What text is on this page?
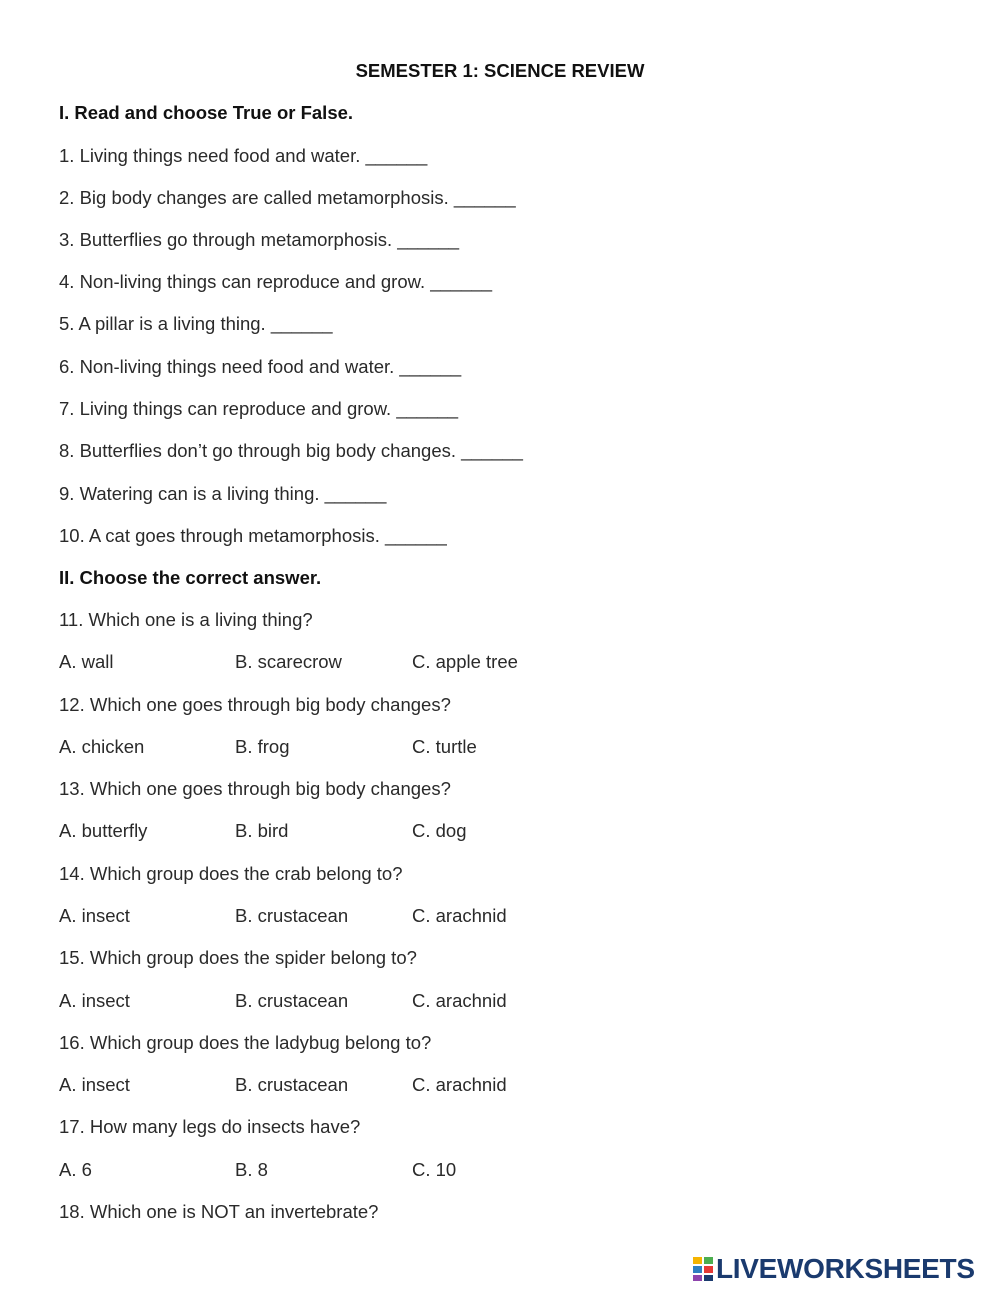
SEMESTER 1: SCIENCE REVIEW
I. Read and choose True or False.
1. Living things need food and water. ______
2. Big body changes are called metamorphosis. ______
3. Butterflies go through metamorphosis. ______
4. Non-living things can reproduce and grow. ______
5. A pillar is a living thing. ______
6. Non-living things need food and water. ______
7. Living things can reproduce and grow. ______
8. Butterflies don’t go through big body changes. ______
9. Watering can is a living thing. ______
10. A cat goes through metamorphosis. ______
II. Choose the correct answer.
11. Which one is a living thing?
A. wall	B. scarecrow	C. apple tree
12. Which one goes through big body changes?
A. chicken	B. frog	C. turtle
13. Which one goes through big body changes?
A. butterfly	B. bird	C. dog
14. Which group does the crab belong to?
A. insect	B. crustacean	C. arachnid
15. Which group does the spider belong to?
A. insect	B. crustacean	C. arachnid
16. Which group does the ladybug belong to?
A. insect	B. crustacean	C. arachnid
17. How many legs do insects have?
A. 6	B. 8	C. 10
18. Which one is NOT an invertebrate?
LIVEWORKSHEETS
